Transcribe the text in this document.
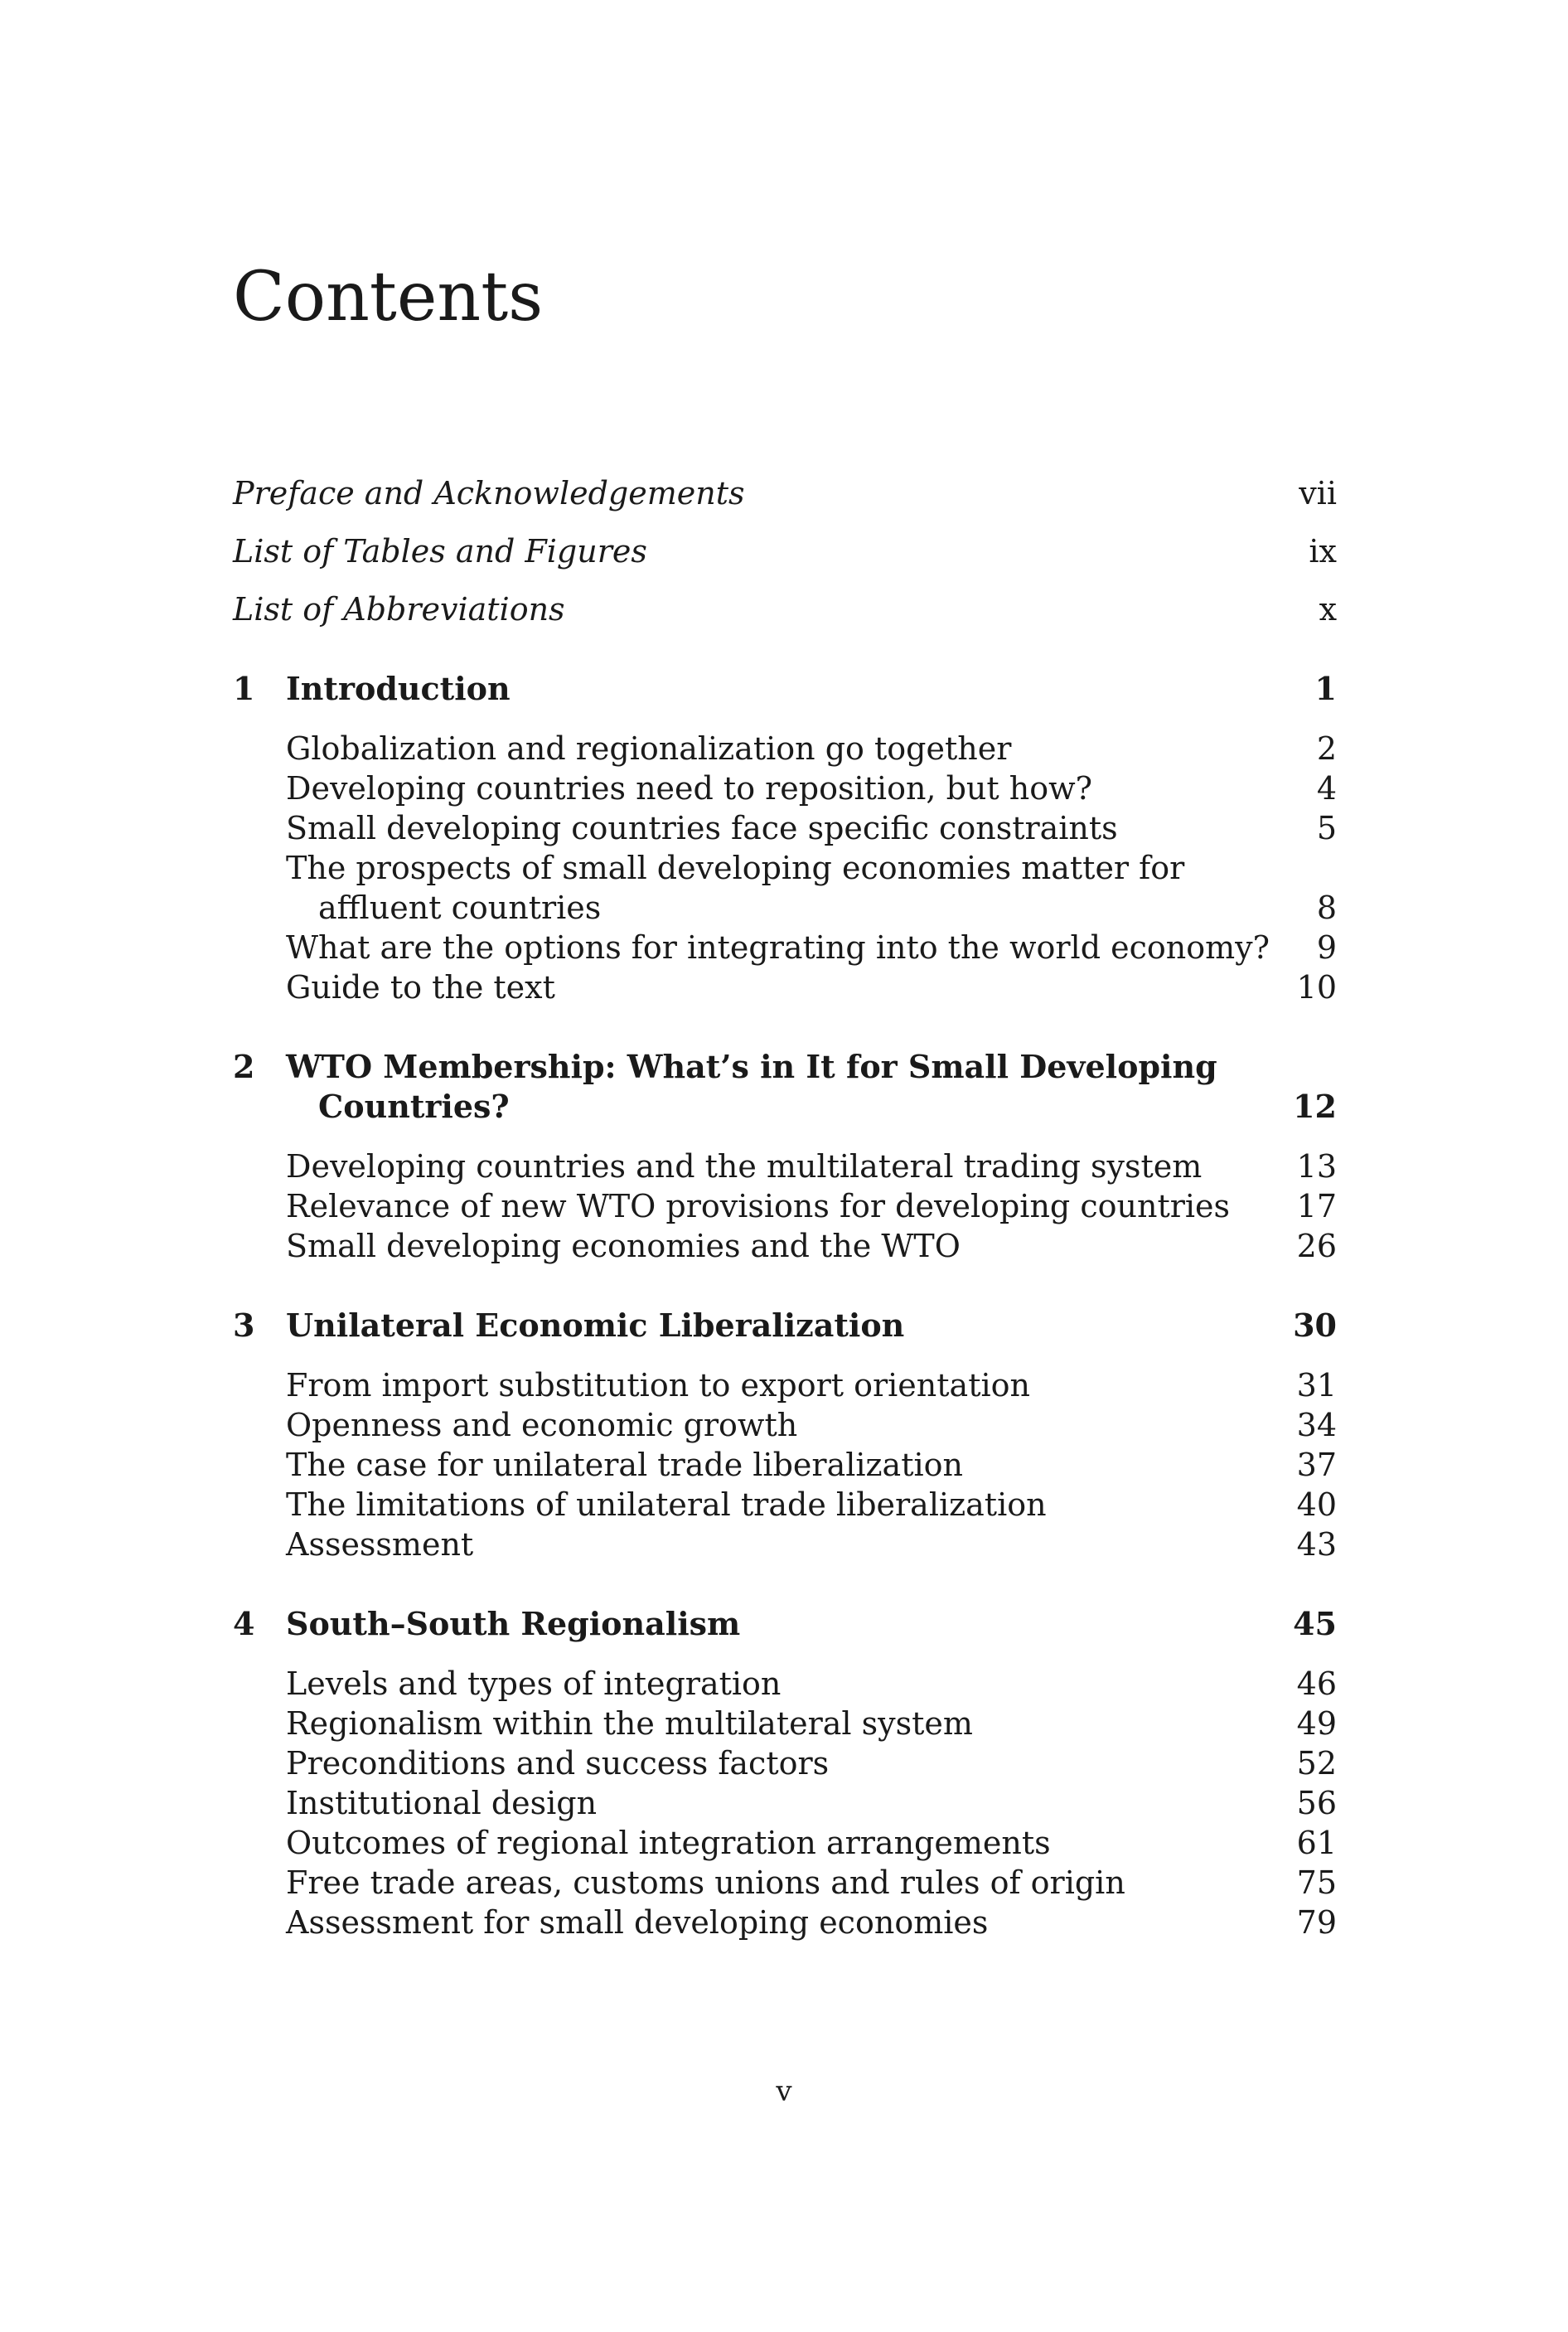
Contents
Preface and Acknowledgements	vii
List of Tables and Figures	ix
List of Abbreviations	x
1 Introduction	1
Globalization and regionalization go together	2
Developing countries need to reposition, but how?	4
Small developing countries face specific constraints	5
The prospects of small developing economies matter for
affluent countries	8
What are the options for integrating into the world economy? 9
Guide to the text	10
2 WTO Membership: What’s in It for Small Developing
Countries?	12
Developing countries and the multilateral trading system	13
Relevance of new WTO provisions for developing countries 17
Small developing economies and the WTO	26
3 Unilateral Economic Liberalization	30
From import substitution to export orientation	31
Openness and economic growth	34
The case for unilateral trade liberalization	37
The limitations of unilateral trade liberalization	40
Assessment	43
4 South–South Regionalism	45
Levels and types of integration	46
Regionalism within the multilateral system	49
Preconditions and success factors	52
Institutional design	56
Outcomes of regional integration arrangements	61
Free trade areas, customs unions and rules of origin	75
Assessment for small developing economies	79
v
